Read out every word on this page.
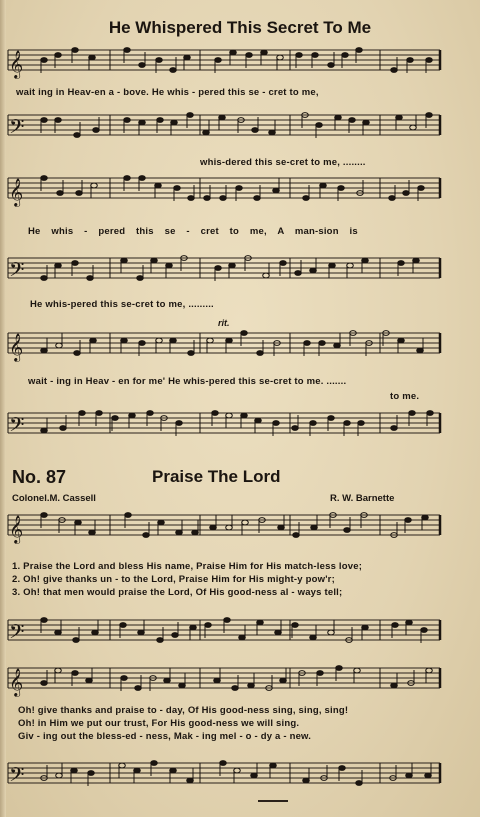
He Whispered This Secret To Me
𝄞
wait ing in Heav-en a - bove. He whis - pered this se - cret to me,
𝄢
whis-dered this se-cret to me, ........
𝄞
He whis - pered this se - cret to me, A man-sion is
𝄢
He whis-pered this se-cret to me, .........
rit.
𝄞
wait - ing in Heav - en for me' He whis-pered this se-cret to me. .......
to me.
𝄢
No. 87	Praise The Lord
Colonel.M. Cassell	R. W. Barnette
𝄞
1. Praise the Lord and bless His name, Praise Him for His match-less love;
2. Oh! give thanks un - to the Lord, Praise Him for His might-y pow'r;
3. Oh! that men would praise the Lord, Of His good-ness al - ways tell;
𝄢
𝄞
Oh! give thanks and praise to - day, Of His good-ness sing, sing, sing!
Oh! in Him we put our trust, For His good-ness we will sing.
Giv - ing out the bless-ed - ness, Mak - ing mel - o - dy a - new.
𝄢
